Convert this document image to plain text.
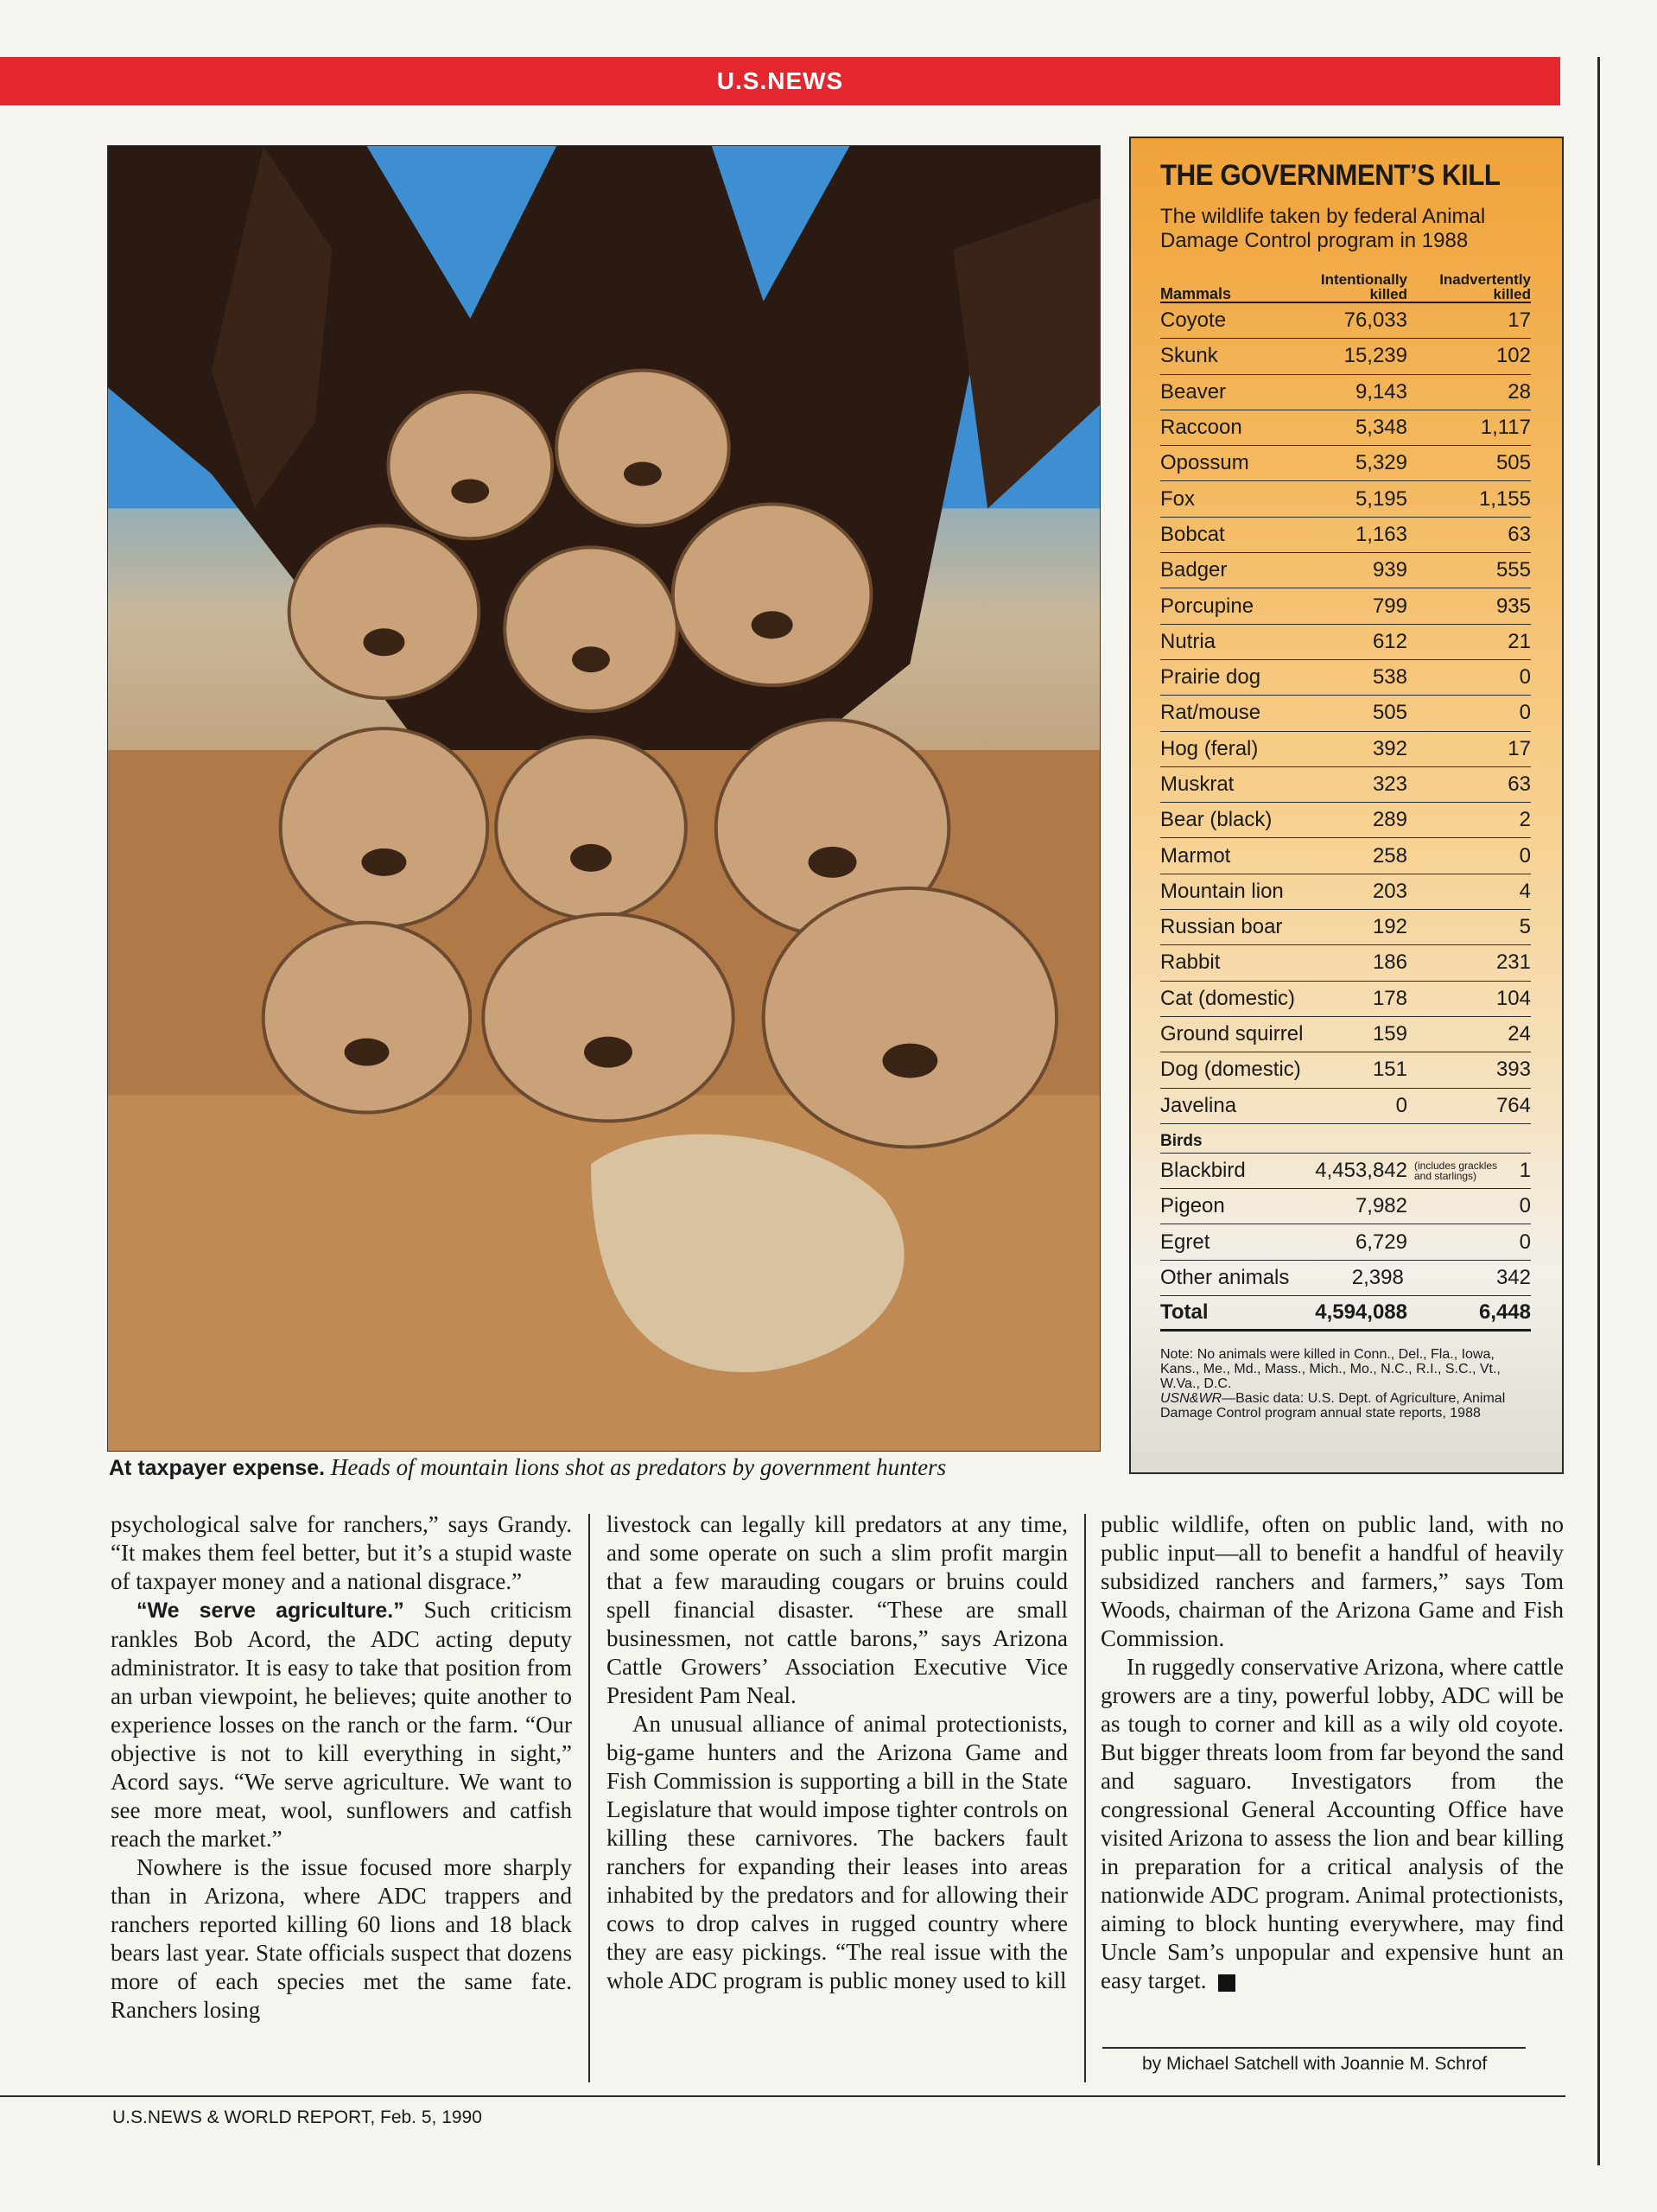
U.S.NEWS
At taxpayer expense. Heads of mountain lions shot as predators by government hunters
THE GOVERNMENT’S KILL
The wildlife taken by federal Animal Damage Control program in 1988
Mammals
Intentionally killed
Inadvertently killed
Coyote	76,033	17
Skunk	15,239	102
Beaver	9,143	28
Raccoon	5,348	1,117
Opossum	5,329	505
Fox	5,195	1,155
Bobcat	1,163	63
Badger	939	555
Porcupine	799	935
Nutria	612	21
Prairie dog	538	0
Rat/mouse	505	0
Hog (feral)	392	17
Muskrat	323	63
Bear (black)	289	2
Marmot	258	0
Mountain lion	203	4
Russian boar	192	5
Rabbit	186	231
Cat (domestic)	178	104
Ground squirrel	159	24
Dog (domestic)	151	393
Javelina	0	764
Birds
Blackbird	4,453,842 (includes grackles and starlings)	1
Pigeon	7,982	0
Egret	6,729	0
Other animals	2,398	342
Total	4,594,088	6,448
Note: No animals were killed in Conn., Del., Fla., Iowa, Kans., Me., Md., Mass., Mich., Mo., N.C., R.I., S.C., Vt., W.Va., D.C.
USN&WR—Basic data: U.S. Dept. of Agriculture, Animal Damage Control program annual state reports, 1988

psychological salve for ranchers,” says Grandy. “It makes them feel better, but it’s a stupid waste of taxpayer money and a national disgrace.”

“We serve agriculture.” Such criticism rankles Bob Acord, the ADC acting deputy administrator. It is easy to take that position from an urban viewpoint, he believes; quite another to experience losses on the ranch or the farm. “Our objective is not to kill everything in sight,” Acord says. “We serve agriculture. We want to see more meat, wool, sunflowers and catfish reach the market.”

Nowhere is the issue focused more sharply than in Arizona, where ADC trappers and ranchers reported killing 60 lions and 18 black bears last year. State officials suspect that dozens more of each species met the same fate. Ranchers losing

livestock can legally kill predators at any time, and some operate on such a slim profit margin that a few marauding cougars or bruins could spell financial disaster. “These are small businessmen, not cattle barons,” says Arizona Cattle Growers’ Association Executive Vice President Pam Neal.

An unusual alliance of animal protectionists, big-game hunters and the Arizona Game and Fish Commission is supporting a bill in the State Legislature that would impose tighter controls on killing these carnivores. The backers fault ranchers for expanding their leases into areas inhabited by the predators and for allowing their cows to drop calves in rugged country where they are easy pickings. “The real issue with the whole ADC program is public money used to kill

public wildlife, often on public land, with no public input—all to benefit a handful of heavily subsidized ranchers and farmers,” says Tom Woods, chairman of the Arizona Game and Fish Commission.

In ruggedly conservative Arizona, where cattle growers are a tiny, powerful lobby, ADC will be as tough to corner and kill as a wily old coyote. But bigger threats loom from far beyond the sand and saguaro. Investigators from the congressional General Accounting Office have visited Arizona to assess the lion and bear killing in preparation for a critical analysis of the nationwide ADC program. Animal protectionists, aiming to block hunting everywhere, may find Uncle Sam’s unpopular and expensive hunt an easy target.

by Michael Satchell with Joannie M. Schrof
U.S.NEWS & WORLD REPORT, Feb. 5, 1990
